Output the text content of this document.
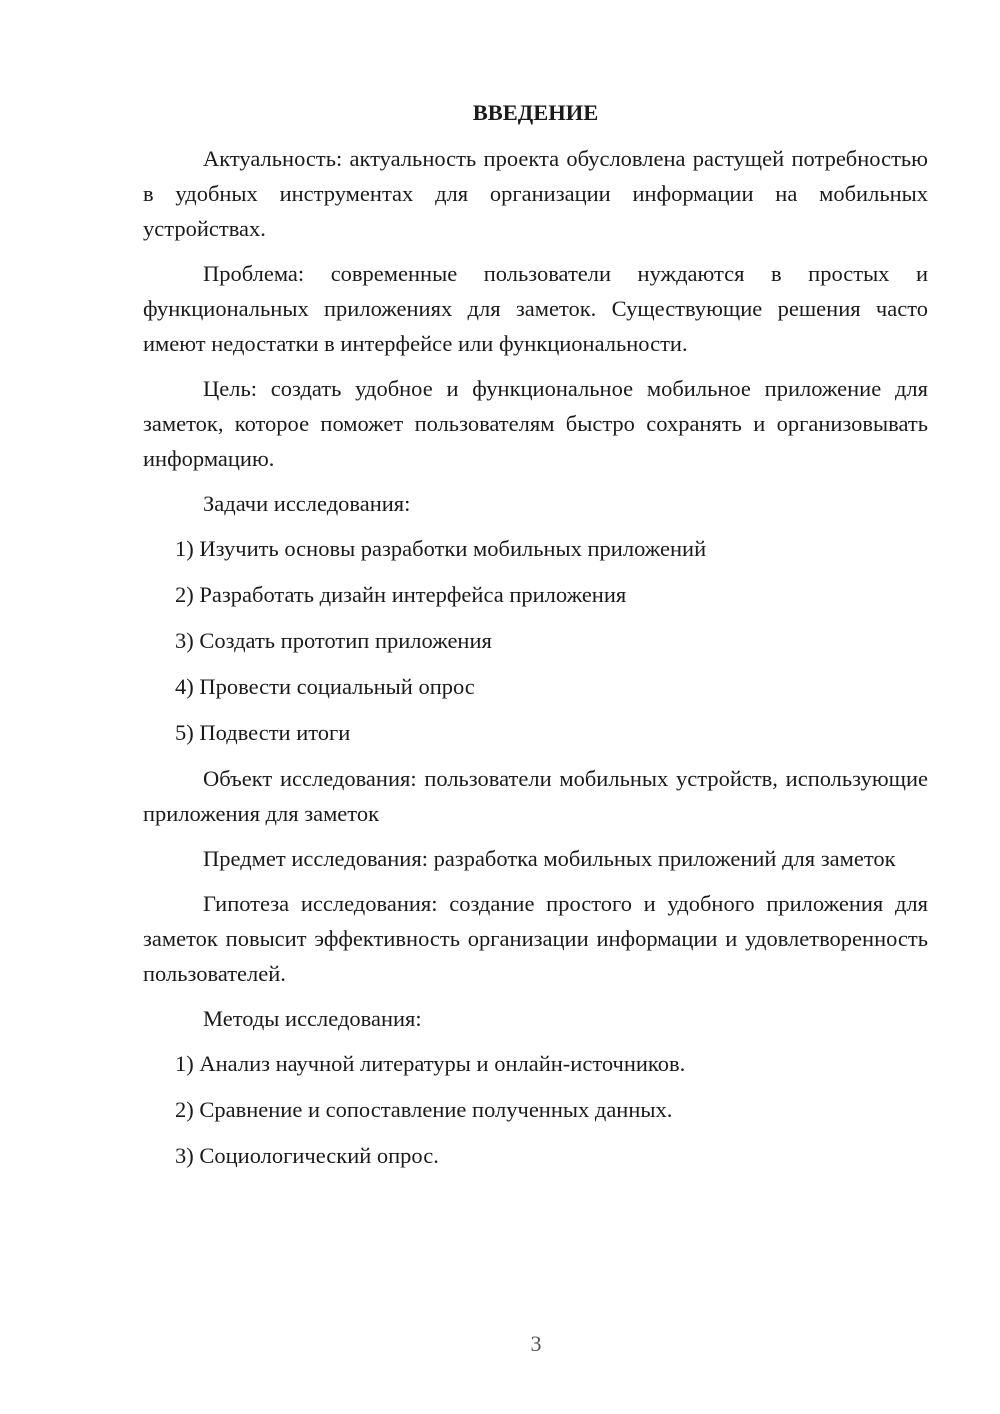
ВВЕДЕНИЕ

Актуальность: актуальность проекта обусловлена растущей потребностью в удобных инструментах для организации информации на мобильных устройствах.

Проблема: современные пользователи нуждаются в простых и функциональных приложениях для заметок. Существующие решения часто имеют недостатки в интерфейсе или функциональности.

Цель: создать удобное и функциональное мобильное приложение для заметок, которое поможет пользователям быстро сохранять и организовывать информацию.

Задачи исследования:

1) Изучить основы разработки мобильных приложений
2) Разработать дизайн интерфейса приложения
3) Создать прототип приложения
4) Провести социальный опрос
5) Подвести итоги

Объект исследования: пользователи мобильных устройств, использующие приложения для заметок

Предмет исследования: разработка мобильных приложений для заметок

Гипотеза исследования: создание простого и удобного приложения для заметок повысит эффективность организации информации и удовлетворенность пользователей.

Методы исследования:

1) Анализ научной литературы и онлайн-источников.
2) Сравнение и сопоставление полученных данных.
3) Социологический опрос.
3
